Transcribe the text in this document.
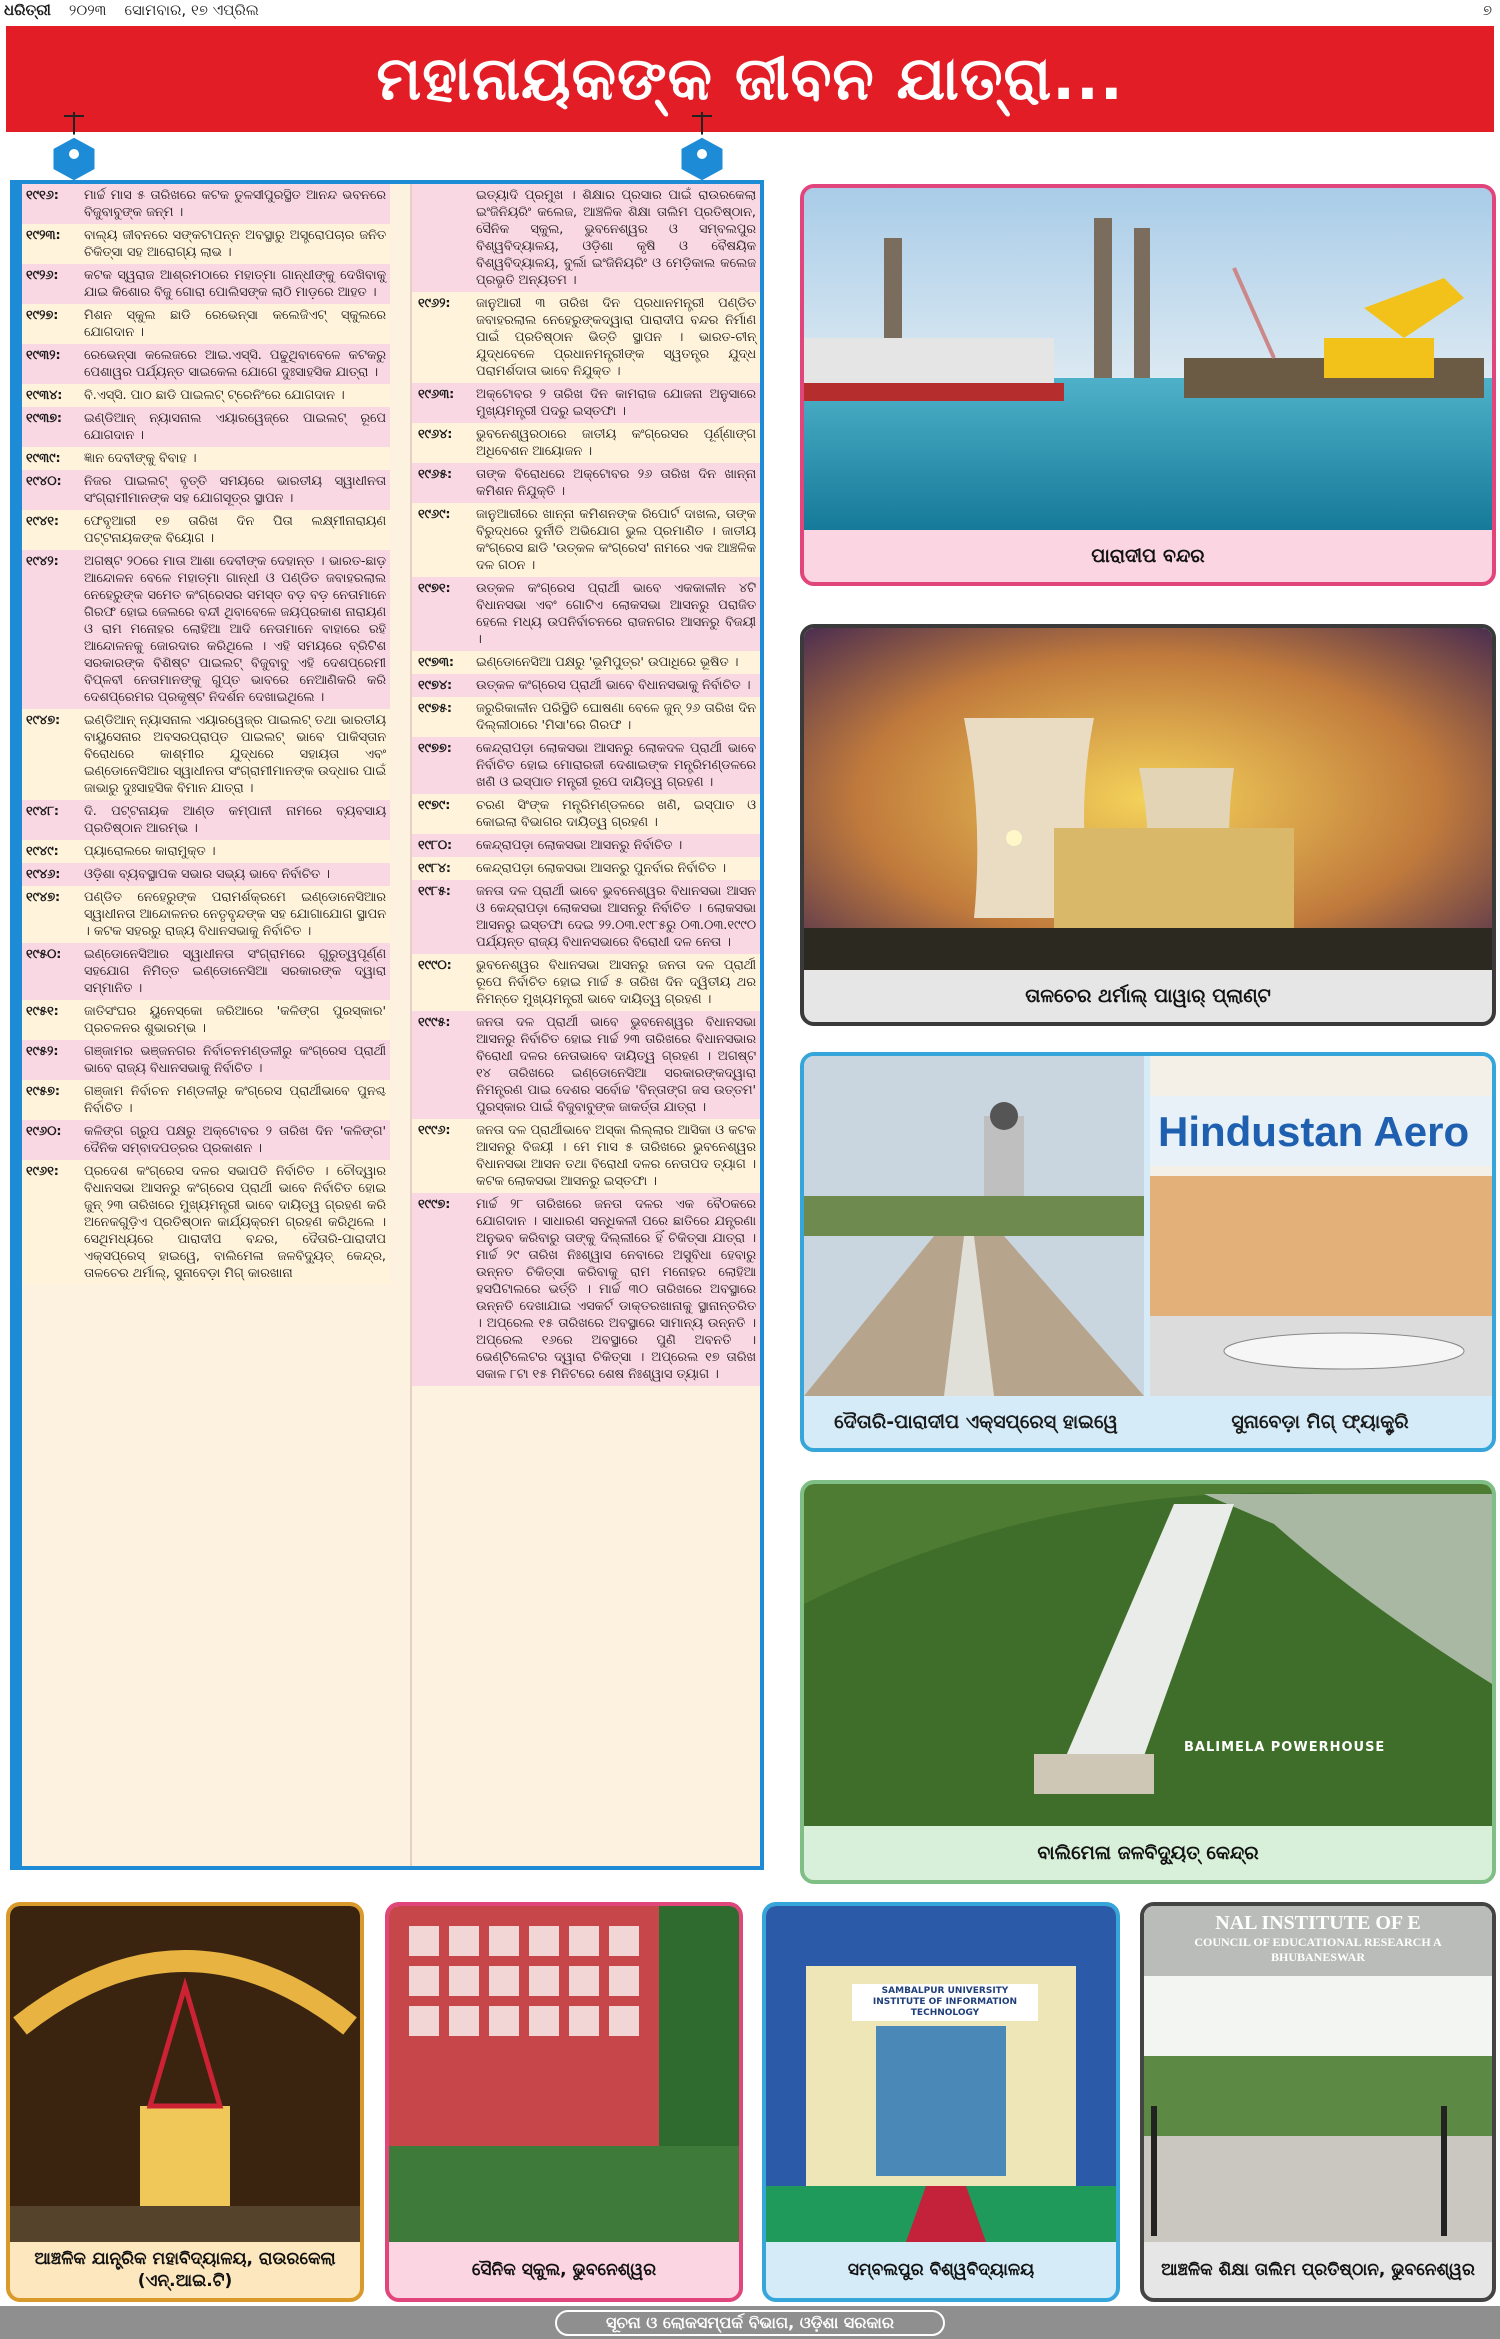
ଧରିତ୍ରୀ ୨୦୨୩ ସୋମବାର, ୧୭ ଏପ୍ରିଲ	୭
ମହାନାୟକଙ୍କ ଜୀବନ ଯାତ୍ରା...
୧୯୧୬:	ମାର୍ଚ୍ଚ ମାସ ୫ ତାରିଖରେ କଟକ ତୁଳସୀପୁରସ୍ଥିତ ଆନନ୍ଦ ଭବନରେ ବିଜୁବାବୁଙ୍କ ଜନ୍ମ ।
୧୯୨୩:	ବାଲ୍ୟ ଜୀବନରେ ସଙ୍କଟାପନ୍ନ ଅବସ୍ଥାରୁ ଅସ୍ତ୍ରୋପଚାର ଜନିତ ଚିକିତ୍ସା ସହ ଆରୋଗ୍ୟ ଲାଭ ।
୧୯୨୬:	କଟକ ସ୍ୱରାଜ ଆଶ୍ରମଠାରେ ମହାତ୍ମା ଗାନ୍ଧୀଙ୍କୁ ଦେଖିବାକୁ ଯାଇ କିଶୋର ବିଜୁ ଗୋରା ପୋଲିସଙ୍କ ଲାଠି ମାଡ଼ରେ ଆହତ ।
୧୯୨୭:	ମିଶନ ସ୍କୁଲ ଛାଡି ରେଭେନ୍ସା କଲେଜିଏଟ୍ ସ୍କୁଲରେ ଯୋଗଦାନ ।
୧୯୩୨:	ରେଭେନ୍ସା କଲେଜରେ ଆଇ.ଏସ୍‌ସି. ପଢୁଥିବାବେଳେ କଟକରୁ ପେଶାୱର ପର୍ଯ୍ୟନ୍ତ ସାଇକେଲ ଯୋଗେ ଦୁଃସାହସିକ ଯାତ୍ରା ।
୧୯୩୪:	ବି.ଏସ୍‌ସି. ପାଠ ଛାଡି ପାଇଲଟ୍ ଟ୍ରେନିଂରେ ଯୋଗଦାନ ।
୧୯୩୭:	ଇଣ୍ଡିଆନ୍ ନ୍ୟାସନାଲ ଏୟାରୱେଜ୍‌ରେ ପାଇଲଟ୍ ରୂପେ ଯୋଗଦାନ ।
୧୯୩୯:	ଜ୍ଞାନ ଦେବୀଙ୍କୁ ବିବାହ ।
୧୯୪୦:	ନିଜର ପାଇଲଟ୍ ବୃତ୍ତି ସମୟରେ ଭାରତୀୟ ସ୍ୱାଧୀନତା ସଂଗ୍ରାମୀମାନଙ୍କ ସହ ଯୋଗସୂତ୍ର ସ୍ଥାପନ ।
୧୯୪୧:	ଫେବୃଆରୀ ୧୭ ତାରିଖ ଦିନ ପିତା ଲକ୍ଷ୍ମୀନାରାୟଣ ପଟ୍ଟନାୟକଙ୍କ ବିୟୋଗ ।
୧୯୪୨:	ଅଗଷ୍ଟ ୨୦ରେ ମାତା ଆଶା ଦେବୀଙ୍କ ଦେହାନ୍ତ । ଭାରତ-ଛାଡ଼ ଆନ୍ଦୋଳନ ବେଳେ ମହାତ୍ମା ଗାନ୍ଧୀ ଓ ପଣ୍ଡିତ ଜବାହରଲାଲ ନେହେରୁଙ୍କ ସମେତ କଂଗ୍ରେସର ସମସ୍ତ ବଡ଼ ବଡ଼ ନେତାମାନେ ଗିରଫ ହୋଇ ଜେଲରେ ବନ୍ଦୀ ଥିବାବେଳେ ଜୟପ୍ରକାଶ ନାରାୟଣ ଓ ରାମ ମନୋହର ଲୋହିଆ ଆଦି ନେତାମାନେ ବାହାରେ ରହି ଆନ୍ଦୋଳନକୁ ଜୋରଦାର କରିଥିଲେ । ଏହି ସମୟରେ ବ୍ରିଟିଶ ସରକାରଙ୍କ ବିଶିଷ୍ଟ ପାଇଲଟ୍ ବିଜୁବାବୁ ଏହି ଦେଶପ୍ରେମୀ ବିପ୍ଳବୀ ନେତାମାନଙ୍କୁ ଗୁପ୍ତ ଭାବରେ ନେଆଣିକରି କରି ଦେଶପ୍ରେମର ପ୍ରକୃଷ୍ଟ ନିଦର୍ଶନ ଦେଖାଇଥିଲେ ।
୧୯୪୭:	ଇଣ୍ଡିଆନ୍ ନ୍ୟାସନାଲ ଏୟାରୱେଜ୍‌ର ପାଇଲଟ୍ ତଥା ଭାରତୀୟ ବାୟୁସେନାର ଅବସରପ୍ରାପ୍ତ ପାଇଲଟ୍ ଭାବେ ପାକିସ୍ତାନ ବିରୋଧରେ କାଶ୍ମୀର ଯୁଦ୍ଧରେ ସହାୟତା ଏବଂ ଇଣ୍ଡୋନେସିଆର ସ୍ୱାଧୀନତା ସଂଗ୍ରାମୀମାନଙ୍କ ଉଦ୍ଧାର ପାଇଁ ଜାଭାରୁ ଦୁଃସାହସିକ ବିମାନ ଯାତ୍ରା ।
୧୯୪୮:	ଦି. ପଟ୍ଟନାୟକ ଆଣ୍ଡ କମ୍ପାନୀ ନାମରେ ବ୍ୟବସାୟ ପ୍ରତିଷ୍ଠାନ ଆରମ୍ଭ ।
୧୯୪୯:	ପ୍ୟାରୋଲରେ କାରାମୁକ୍ତ ।
୧୯୪୬:	ଓଡ଼ିଶା ବ୍ୟବସ୍ଥାପକ ସଭାର ସଭ୍ୟ ଭାବେ ନିର୍ବାଚିତ ।
୧୯୪୭:	ପଣ୍ଡିତ ନେହେରୁଙ୍କ ପରାମର୍ଶକ୍ରମେ ଇଣ୍ଡୋନେସିଆର ସ୍ୱାଧୀନତା ଆନ୍ଦୋଳନର ନେତୃବୃନ୍ଦଙ୍କ ସହ ଯୋଗାଯୋଗ ସ୍ଥାପନ । କଟକ ସହରରୁ ରାଜ୍ୟ ବିଧାନସଭାକୁ ନିର୍ବାଚିତ ।
୧୯୫୦:	ଇଣ୍ଡୋନେସିଆର ସ୍ୱାଧୀନତା ସଂଗ୍ରାମରେ ଗୁରୁତ୍ୱପୂର୍ଣ୍ଣ ସହଯୋଗ ନିମିତ୍ତ ଇଣ୍ଡୋନେସିଆ ସରକାରଙ୍କ ଦ୍ୱାରା ସମ୍ମାନିତ ।
୧୯୫୧:	ଜାତିସଂଘର ୟୁନେସ୍କୋ ଜରିଆରେ 'କଳିଙ୍ଗ ପୁରସ୍କାର' ପ୍ରଚଳନର ଶୁଭାରମ୍ଭ ।
୧୯୫୨:	ଗଞ୍ଜାମର ଭଞ୍ଜନଗର ନିର୍ବାଚନମଣ୍ଡଳୀରୁ କଂଗ୍ରେସ ପ୍ରାର୍ଥୀ ଭାବେ ରାଜ୍ୟ ବିଧାନସଭାକୁ ନିର୍ବାଚିତ ।
୧୯୫୭:	ଗଞ୍ଜାମ ନିର୍ବାଚନ ମଣ୍ଡଳୀରୁ କଂଗ୍ରେସ ପ୍ରାର୍ଥୀଭାବେ ପୁନଶ୍ଚ ନିର୍ବାଚିତ ।
୧୯୬୦:	କଳିଙ୍ଗ ଗ୍ରୁପ ପକ୍ଷରୁ ଅକ୍ଟୋବର ୨ ତାରିଖ ଦିନ 'କଳିଙ୍ଗ' ଦୈନିକ ସମ୍ବାଦପତ୍ରର ପ୍ରକାଶନ ।
୧୯୬୧:	ପ୍ରଦେଶ କଂଗ୍ରେସ ଦଳର ସଭାପତି ନିର୍ବାଚିତ । ଚୌଦ୍ୱାର ବିଧାନସଭା ଆସନରୁ କଂଗ୍ରେସ ପ୍ରାର୍ଥୀ ଭାବେ ନିର୍ବାଚିତ ହୋଇ ଜୁନ୍ ୨୩ ତାରିଖରେ ମୁଖ୍ୟମନ୍ତ୍ରୀ ଭାବେ ଦାୟିତ୍ୱ ଗ୍ରହଣ କରି ଅନେକଗୁଡ଼ିଏ ପ୍ରତିଷ୍ଠାନ କାର୍ଯ୍ୟକ୍ରମ ଗ୍ରହଣ କରିଥିଲେ । ସେଥିମଧ୍ୟରେ ପାରାଦୀପ ବନ୍ଦର, ଦୈତାରି-ପାରାଦୀପ ଏକ୍ସପ୍ରେସ୍ ହାଇୱେ, ବାଲିମେଳା ଜଳବିଦ୍ୟୁତ୍ କେନ୍ଦ୍ର, ତାଳଚେର ଥର୍ମାଲ୍, ସୁନାବେଡ଼ା ମିଗ୍ କାରଖାନା
ଇତ୍ୟାଦି ପ୍ରମୁଖ । ଶିକ୍ଷାର ପ୍ରସାର ପାଇଁ ରାଉରକେଲା ଇଂଜିନିୟରିଂ କଲେଜ, ଆଞ୍ଚଳିକ ଶିକ୍ଷା ତାଲିମ ପ୍ରତିଷ୍ଠାନ, ସୈନିକ ସ୍କୁଲ, ଭୁବନେଶ୍ୱର ଓ ସମ୍ବଲପୁର ବିଶ୍ୱବିଦ୍ୟାଳୟ, ଓଡ଼ିଶା କୃଷି ଓ ବୈଷୟିକ ବିଶ୍ୱବିଦ୍ୟାଳୟ, ବୁର୍ଲା ଇଂଜିନିୟରିଂ ଓ ମେଡ଼ିକାଲ କଲେଜ ପ୍ରଭୃତି ଅନ୍ୟତମ ।
୧୯୬୨:	ଜାନୁଆରୀ ୩ ତାରିଖ ଦିନ ପ୍ରଧାନମନ୍ତ୍ରୀ ପଣ୍ଡିତ ଜବାହରଲାଲ ନେହେରୁଙ୍କଦ୍ୱାରା ପାରାଦୀପ ବନ୍ଦର ନିର୍ମାଣ ପାଇଁ ପ୍ରତିଷ୍ଠାନ ଭିତ୍ତି ସ୍ଥାପନ । ଭାରତ-ଚୀନ୍ ଯୁଦ୍ଧବେଳେ ପ୍ରଧାନମନ୍ତ୍ରୀଙ୍କ ସ୍ୱତନ୍ତ୍ର ଯୁଦ୍ଧ ପରାମର୍ଶଦାତା ଭାବେ ନିଯୁକ୍ତ ।
୧୯୬୩:	ଅକ୍ଟୋବର ୨ ତାରିଖ ଦିନ କାମରାଜ ଯୋଜନା ଅନୁସାରେ ମୁଖ୍ୟମନ୍ତ୍ରୀ ପଦରୁ ଇସ୍ତଫା ।
୧୯୬୪:	ଭୁବନେଶ୍ୱରଠାରେ ଜାତୀୟ କଂଗ୍ରେସର ପୂର୍ଣ୍ଣାଙ୍ଗ ଅଧିବେଶନ ଆୟୋଜନ ।
୧୯୬୫:	ତାଙ୍କ ବିରୋଧରେ ଅକ୍ଟୋବର ୨୬ ତାରିଖ ଦିନ ଖାନ୍ନା କମିଶନ ନିଯୁକ୍ତି ।
୧୯୬୯:	ଜାନୁଆରୀରେ ଖାନ୍ନା କମିଶନଙ୍କ ରିପୋର୍ଟ ଦାଖଲ, ତାଙ୍କ ବିରୁଦ୍ଧରେ ଦୁର୍ନୀତି ଅଭିଯୋଗ ଭୁଲ ପ୍ରମାଣିତ । ଜାତୀୟ କଂଗ୍ରେସ ଛାଡି 'ଉତ୍କଳ କଂଗ୍ରେସ' ନାମରେ ଏକ ଆଞ୍ଚଳିକ ଦଳ ଗଠନ ।
୧୯୭୧:	ଉତ୍କଳ କଂଗ୍ରେସ ପ୍ରାର୍ଥୀ ଭାବେ ଏକକାଳୀନ ୪ଟି ବିଧାନସଭା ଏବଂ ଗୋଟିଏ ଲୋକସଭା ଆସନରୁ ପରାଜିତ ହେଲେ ମଧ୍ୟ ଉପନିର୍ବାଚନରେ ରାଜନଗର ଆସନରୁ ବିଜୟୀ ।
୧୯୭୩:	ଇଣ୍ଡୋନେସିଆ ପକ୍ଷରୁ 'ଭୂମିପୁତ୍ର' ଉପାଧିରେ ଭୂଷିତ ।
୧୯୭୪:	ଉତ୍କଳ କଂଗ୍ରେସ ପ୍ରାର୍ଥୀ ଭାବେ ବିଧାନସଭାକୁ ନିର୍ବାଚିତ ।
୧୯୭୫:	ଜରୁରିକାଳୀନ ପରିସ୍ଥିତି ଘୋଷଣା ବେଳେ ଜୁନ୍ ୨୬ ତାରିଖ ଦିନ ଦିଲ୍ଲୀଠାରେ 'ମିସା'ରେ ଗିରଫ ।
୧୯୭୭:	କେନ୍ଦ୍ରାପଡ଼ା ଲୋକସଭା ଆସନରୁ ଲୋକଦଳ ପ୍ରାର୍ଥୀ ଭାବେ ନିର୍ବାଚିତ ହୋଇ ମୋରାରଜୀ ଦେଶାଇଙ୍କ ମନ୍ତ୍ରିମଣ୍ଡଳରେ ଖଣି ଓ ଇସ୍ପାତ ମନ୍ତ୍ରୀ ରୂପେ ଦାୟିତ୍ୱ ଗ୍ରହଣ ।
୧୯୭୯:	ଚରଣ ସିଂଙ୍କ ମନ୍ତ୍ରିମଣ୍ଡଳରେ ଖଣି, ଇସ୍ପାତ ଓ କୋଇଲା ବିଭାଗର ଦାୟିତ୍ୱ ଗ୍ରହଣ ।
୧୯୮୦:	କେନ୍ଦ୍ରାପଡ଼ା ଲୋକସଭା ଆସନରୁ ନିର୍ବାଚିତ ।
୧୯୮୪:	କେନ୍ଦ୍ରାପଡ଼ା ଲୋକସଭା ଆସନରୁ ପୁନର୍ବାର ନିର୍ବାଚିତ ।
୧୯୮୫:	ଜନତା ଦଳ ପ୍ରାର୍ଥୀ ଭାବେ ଭୁବନେଶ୍ୱର ବିଧାନସଭା ଆସନ ଓ କେନ୍ଦ୍ରାପଡ଼ା ଲୋକସଭା ଆସନରୁ ନିର୍ବାଚିତ । ଲୋକସଭା ଆସନରୁ ଇସ୍ତଫା ଦେଇ ୨୨.୦୩.୧୯୮୫ରୁ ୦୩.୦୩.୧୯୯୦ ପର୍ଯ୍ୟନ୍ତ ରାଜ୍ୟ ବିଧାନସଭାରେ ବିରୋଧୀ ଦଳ ନେତା ।
୧୯୯୦:	ଭୁବନେଶ୍ୱର ବିଧାନସଭା ଆସନରୁ ଜନତା ଦଳ ପ୍ରାର୍ଥୀ ରୂପେ ନିର୍ବାଚିତ ହୋଇ ମାର୍ଚ୍ଚ ୫ ତାରିଖ ଦିନ ଦ୍ୱିତୀୟ ଥର ନିମନ୍ତେ ମୁଖ୍ୟମନ୍ତ୍ରୀ ଭାବେ ଦାୟିତ୍ୱ ଗ୍ରହଣ ।
୧୯୯୫:	ଜନତା ଦଳ ପ୍ରାର୍ଥୀ ଭାବେ ଭୁବନେଶ୍ୱର ବିଧାନସଭା ଆସନରୁ ନିର୍ବାଚିତ ହୋଇ ମାର୍ଚ୍ଚ ୨୩ ତାରିଖରେ ବିଧାନସଭାର ବିରୋଧୀ ଦଳର ନେତାଭାବେ ଦାୟିତ୍ୱ ଗ୍ରହଣ । ଅଗଷ୍ଟ ୧୪ ତାରିଖରେ ଇଣ୍ଡୋନେସିଆ ସରକାରଙ୍କଦ୍ୱାରା ନିମନ୍ତ୍ରଣ ପାଇ ଦେଶର ସର୍ବୋଚ୍ଚ 'ବିନ୍ତାଙ୍ଗ ଜସ ଉତ୍ତମ' ପୁରସ୍କାର ପାଇଁ ବିଜୁବାବୁଙ୍କ ଜାକର୍ତ୍ତା ଯାତ୍ରା ।
୧୯୯୬:	ଜନତା ଦଳ ପ୍ରାର୍ଥୀଭାବେ ଅସ୍କା ଲିଲ୍ଲାର ଆସିକା ଓ କଟକ ଆସନରୁ ବିଜୟୀ । ମେ ମାସ ୫ ତାରିଖରେ ଭୁବନେଶ୍ୱର ବିଧାନସଭା ଆସନ ତଥା ବିରୋଧୀ ଦଳର ନେତାପଦ ତ୍ୟାଗ । କଟକ ଲୋକସଭା ଆସନରୁ ଇସ୍ତଫା ।
୧୯୯୭:	ମାର୍ଚ୍ଚ ୨୮ ତାରିଖରେ ଜନତା ଦଳର ଏକ ବୈଠକରେ ଯୋଗଦାନ । ସାଧାରଣ ସନ୍ଧିକଳୀ ପରେ ଛାତିରେ ଯନ୍ତ୍ରଣା ଅନୁଭବ କରିବାରୁ ତାଙ୍କୁ ଦିଲ୍ଲୀରେ ହିଁ ଚିକିତ୍ସା ଯାତ୍ରା । ମାର୍ଚ୍ଚ ୨୯ ତାରିଖ ନିଃଶ୍ୱାସ ନେବାରେ ଅସୁବିଧା ହେବାରୁ ଉନ୍ନତ ଚିକିତ୍ସା କରିବାକୁ ରାମ ମନୋହର ଲୋହିଆ ହସପିଟାଲରେ ଭର୍ତ୍ତି । ମାର୍ଚ୍ଚ ୩୦ ତାରିଖରେ ଅବସ୍ଥାରେ ଉନ୍ନତି ଦେଖାଯାଇ ଏସକର୍ଟ ଡାକ୍ତରଖାନାକୁ ସ୍ଥାନାନ୍ତରିତ । ଅପ୍ରେଲ ୧୫ ତାରିଖରେ ଅବସ୍ଥାରେ ସାମାନ୍ୟ ଉନ୍ନତି । ଅପ୍ରେଲ ୧୬ରେ ଅବସ୍ଥାରେ ପୁଣି ଅବନତି । ଭେଣ୍ଟିଲେଟର ଦ୍ୱାରା ଚିକିତ୍ସା । ଅପ୍ରେଲ ୧୭ ତାରିଖ ସକାଳ ୮ଟା ୧୫ ମିନିଟରେ ଶେଷ ନିଃଶ୍ୱାସ ତ୍ୟାଗ ।
ପାରାଦୀପ ବନ୍ଦର
ତାଳଚେର ଥର୍ମାଲ୍ ପାୱାର୍ ପ୍ଲାଣ୍ଟ
Hindustan Aero
ଦୈତାରି-ପାରାଦୀପ ଏକ୍ସପ୍ରେସ୍ ହାଇୱେ	ସୁନାବେଡ଼ା ମିଗ୍ ଫ୍ୟାକ୍ଟ୍ରି
BALIMELA POWERHOUSE
ବାଲିମେଳା ଜଳବିଦ୍ୟୁତ୍ କେନ୍ଦ୍ର
ଆଞ୍ଚଳିକ ଯାନ୍ତ୍ରିକ ମହାବିଦ୍ୟାଳୟ, ରାଉରକେଲା (ଏନ୍.ଆଇ.ଟି)
ସୈନିକ ସ୍କୁଲ, ଭୁବନେଶ୍ୱର
SAMBALPUR UNIVERSITY INSTITUTE OF INFORMATION TECHNOLOGY
ସମ୍ବଲପୁର ବିଶ୍ୱବିଦ୍ୟାଳୟ
NAL INSTITUTE OF E
COUNCIL OF EDUCATIONAL RESEARCH A
BHUBANESWAR
ଆଞ୍ଚଳିକ ଶିକ୍ଷା ତାଲିମ ପ୍ରତିଷ୍ଠାନ, ଭୁବନେଶ୍ୱର
ସୂଚନା ଓ ଲୋକସମ୍ପର୍କ ବିଭାଗ, ଓଡ଼ିଶା ସରକାର
